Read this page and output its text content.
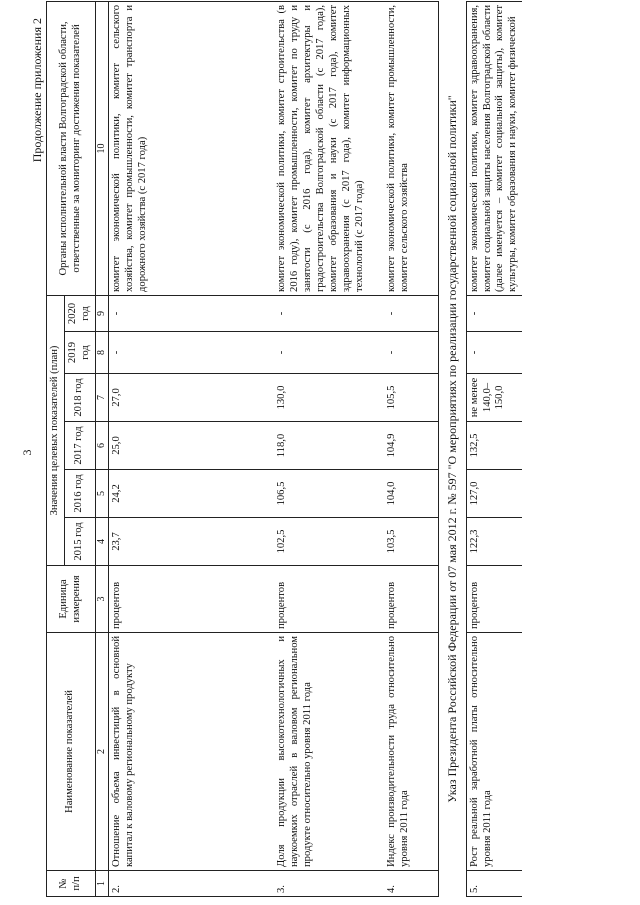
3
Продолжение приложения 2
№ п/п	Наименование показателей	Единица измерения	Значения целевых показателей (план)						Органы исполнительной власти Волгоградской области, ответственные за мониторинг достижения показателей
			2015 год	2016 год	2017 год	2018 год	2019 год	2020 год	
1	2	3	4	5	6	7	8	9	10
2.	Отношение объема инвестиций в основной капитал к валовому региональному продукту	процентов	23,7	24,2	25,0	27,0	-	-	комитет экономической политики, комитет сельского хозяйства, комитет промышленности, комитет транспорта и дорожного хозяйства (с 2017 года)
3.	Доля продукции высокотехнологичных и наукоемких отраслей в валовом региональном продукте относительно уровня 2011 года	процентов	102,5	106,5	118,0	130,0	-	-	комитет экономической политики, комитет строительства (в 2016 году), комитет промышленности, комитет по труду и занятости (с 2016 года), комитет архитектуры и градостроительства Волгоградской области (с 2017 года), комитет образования и науки (с 2017 года), комитет здравоохранения (с 2017 года), комитет информационных технологий (с 2017 года)
4.	Индекс производительности труда относительно уровня 2011 года	процентов	103,5	104,0	104,9	105,5	-	-	комитет экономической политики, комитет промышленности, комитет сельского хозяйства
Указ Президента Российской Федерации от 07 мая 2012 г. № 597 "О мероприятиях по реализации государственной социальной политики"									
5.	Рост реальной заработной платы относительно уровня 2011 года	процентов	122,3	127,0	132,5	не менее 140,0–150,0	-	-	комитет экономической политики, комитет здравоохранения, комитет социальной защиты населения Волгоградской области (далее именуется – комитет социальной защиты), комитет культуры, комитет образования и науки, комитет физической
